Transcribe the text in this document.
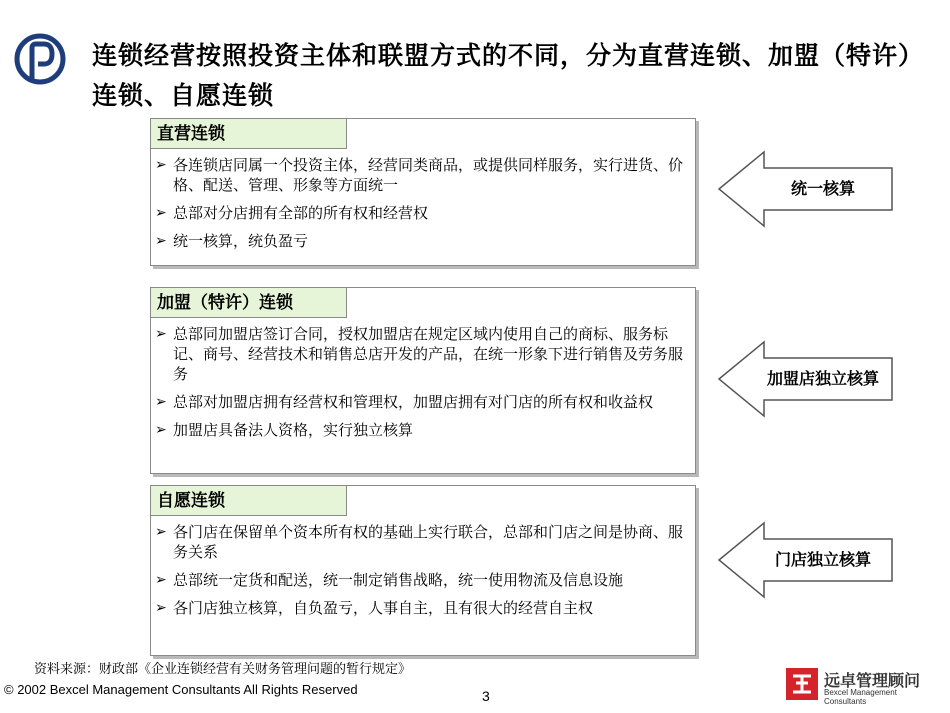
连锁经营按照投资主体和联盟方式的不同，分为直营连锁、加盟（特许）连锁、自愿连锁
直营连锁
➢ 各连锁店同属一个投资主体，经营同类商品，或提供同样服务，实行进货、价格、配送、管理、形象等方面统一
➢ 总部对分店拥有全部的所有权和经营权
➢ 统一核算，统负盈亏
加盟（特许）连锁
➢ 总部同加盟店签订合同，授权加盟店在规定区域内使用自己的商标、服务标记、商号、经营技术和销售总店开发的产品，在统一形象下进行销售及劳务服务
➢ 总部对加盟店拥有经营权和管理权，加盟店拥有对门店的所有权和收益权
➢ 加盟店具备法人资格，实行独立核算
自愿连锁
➢ 各门店在保留单个资本所有权的基础上实行联合，总部和门店之间是协商、服务关系
➢ 总部统一定货和配送，统一制定销售战略，统一使用物流及信息设施
➢ 各门店独立核算，自负盈亏，人事自主，且有很大的经营自主权
统一核算
加盟店独立核算
门店独立核算
资料来源：财政部《企业连锁经营有关财务管理问题的暂行规定》
© 2002 Bexcel Management Consultants All Rights Reserved	3
远卓管理顾问
Bexcel Management Consultants
